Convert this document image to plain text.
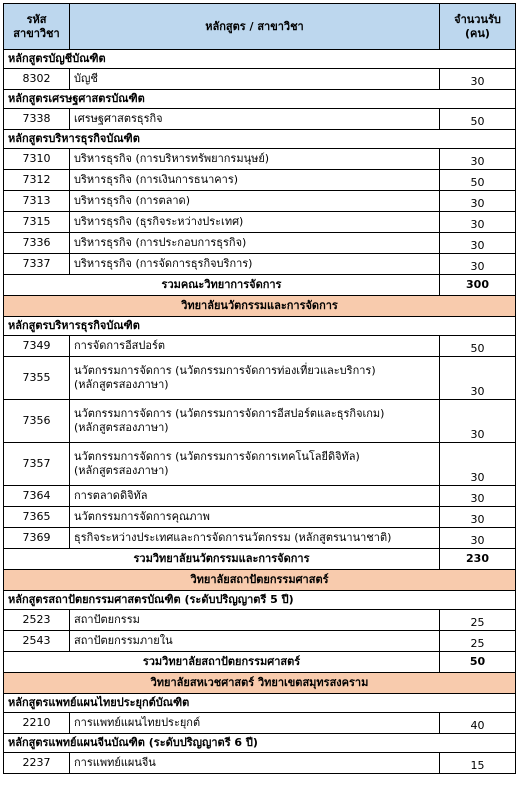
รหัส
สาขาวิชา	หลักสูตร / สาขาวิชา	จำนวนรับ
(คน)
หลักสูตรบัญชีบัณฑิต		
8302	บัญชี	30
หลักสูตรเศรษฐศาสตรบัณฑิต		
7338	เศรษฐศาสตรธุรกิจ	50
หลักสูตรบริหารธุรกิจบัณฑิต		
7310	บริหารธุรกิจ (การบริหารทรัพยากรมนุษย์)	30
7312	บริหารธุรกิจ (การเงินการธนาคาร)	50
7313	บริหารธุรกิจ (การตลาด)	30
7315	บริหารธุรกิจ (ธุรกิจระหว่างประเทศ)	30
7336	บริหารธุรกิจ (การประกอบการธุรกิจ)	30
7337	บริหารธุรกิจ (การจัดการธุรกิจบริการ)	30
รวมคณะวิทยาการจัดการ		300
วิทยาลัยนวัตกรรมและการจัดการ		
หลักสูตรบริหารธุรกิจบัณฑิต		
7349	การจัดการอีสปอร์ต	50
7355	นวัตกรรมการจัดการ (นวัตกรรมการจัดการท่องเที่ยวและบริการ)
(หลักสูตรสองภาษา)	30
7356	นวัตกรรมการจัดการ (นวัตกรรมการจัดการอีสปอร์ตและธุรกิจเกม)
(หลักสูตรสองภาษา)	30
7357	นวัตกรรมการจัดการ (นวัตกรรมการจัดการเทคโนโลยีดิจิทัล)
(หลักสูตรสองภาษา)	30
7364	การตลาดดิจิทัล	30
7365	นวัตกรรมการจัดการคุณภาพ	30
7369	ธุรกิจระหว่างประเทศและการจัดการนวัตกรรม (หลักสูตรนานาชาติ)	30
รวมวิทยาลัยนวัตกรรมและการจัดการ		230
วิทยาลัยสถาปัตยกรรมศาสตร์		
หลักสูตรสถาปัตยกรรมศาสตรบัณฑิต (ระดับปริญญาตรี 5 ปี)		
2523	สถาปัตยกรรม	25
2543	สถาปัตยกรรมภายใน	25
รวมวิทยาลัยสถาปัตยกรรมศาสตร์		50
วิทยาลัยสหเวชศาสตร์ วิทยาเขตสมุทรสงคราม		
หลักสูตรแพทย์แผนไทยประยุกต์บัณฑิต		
2210	การแพทย์แผนไทยประยุกต์	40
หลักสูตรแพทย์แผนจีนบัณฑิต (ระดับปริญญาตรี 6 ปี)		
2237	การแพทย์แผนจีน	15
